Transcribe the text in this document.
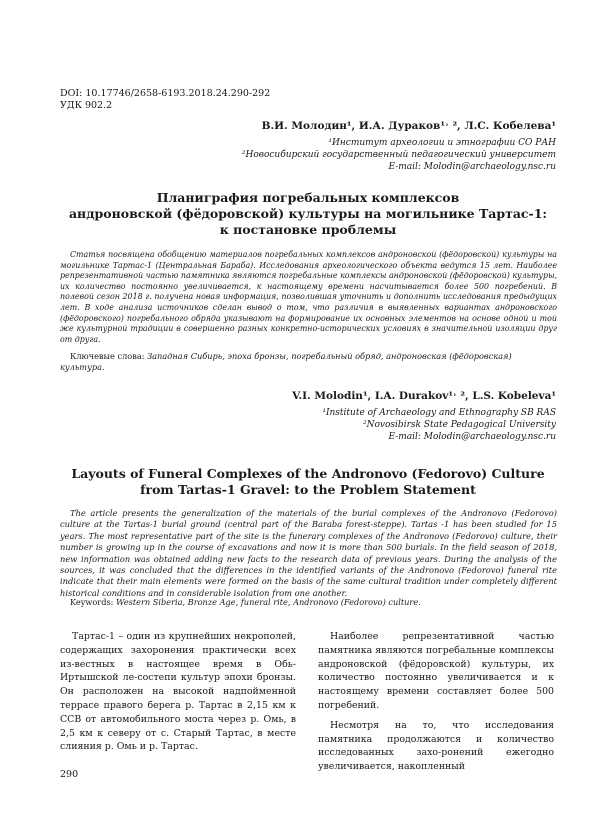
DOI: 10.17746/2658-6193.2018.24.290-292
УДК 902.2
В.И. Молодин¹, И.А. Дураков¹˒ ², Л.С. Кобелева¹
¹Институт археологии и этнографии СО РАН
²Новосибирский государственный педагогический университет
E-mail: Molodin@archaeology.nsc.ru
Планиграфия погребальных комплексов
андроновской (фёдоровской) культуры на могильнике Тартас-1:
к постановке проблемы

Статья посвящена обобщению материалов погребальных комплексов андроновской (фёдоровской) культуры на могильнике Тартас-1 (Центральная Барабa). Исследования археологического объекта ведутся 15 лет. Наиболее репрезентативной частью памятника являются погребальные комплексы андроновской (фёдоровской) культуры, их количество постоянно увеличивается, к настоящему времени насчитывается более 500 погребений. В полевой сезон 2018 г. получена новая информация, позволившая уточнить и дополнить исследования предыдущих лет. В ходе анализа источников сделан вывод о том, что различия в выявленных вариантах андроновского (фёдоровского) погребального обряда указывают на формирование их основных элементов на основе одной и той же культурной традиции в совершенно разных конкретно-исторических условиях в значительной изоляции друг от друга.

Ключевые слова: Западная Сибирь, эпоха бронзы, погребальный обряд, андроновская (фёдоровская) культура.
V.I. Molodin¹, I.A. Durakov¹˒ ², L.S. Kobeleva¹
¹Institute of Archaeology and Ethnography SB RAS
²Novosibirsk State Pedagogical University
E-mail: Molodin@archaeology.nsc.ru
Layouts of Funeral Complexes of the Andronovo (Fedorovo) Culture
from Tartas-1 Gravel: to the Problem Statement

The article presents the generalization of the materials of the burial complexes of the Andronovo (Fedorovo) culture at the Tartas-1 burial ground (central part of the Baraba forest-steppe). Tartas -1 has been studied for 15 years. The most representative part of the site is the funerary complexes of the Andronovo (Fedorovo) culture, their number is growing up in the course of excavations and now it is more than 500 burials. In the field season of 2018, new information was obtained adding new facts to the research data of previous years. During the analysis of the sources, it was concluded that the differences in the identified variants of the Andronovo (Fedorovo) funeral rite indicate that their main elements were formed on the basis of the same cultural tradition under completely different historical conditions and in considerable isolation from one another.

Keywords: Western Siberia, Bronze Age, funeral rite, Andronovo (Fedorovo) culture.

Тартас-1 – один из крупнейших некрополей, содержащих захоронения практически всех из-вестных в настоящее время в Обь-Иртышской ле-состепи культур эпохи бронзы. Он расположен на высокой надпойменной террасе правого берега р. Тартас в 2,15 км к ССВ от автомобильного моста через р. Омь, в 2,5 км к северу от с. Старый Тартас, в месте слияния р. Омь и р. Тартас.

Наиболее репрезентативной частью памятника являются погребальные комплексы андроновской (фёдоровской) культуры, их количество постоянно увеличивается и к настоящему времени составляет более 500 погребений.

Несмотря на то, что исследования памятника продолжаются и количество исследованных захо-ронений ежегодно увеличивается, накопленный

290
